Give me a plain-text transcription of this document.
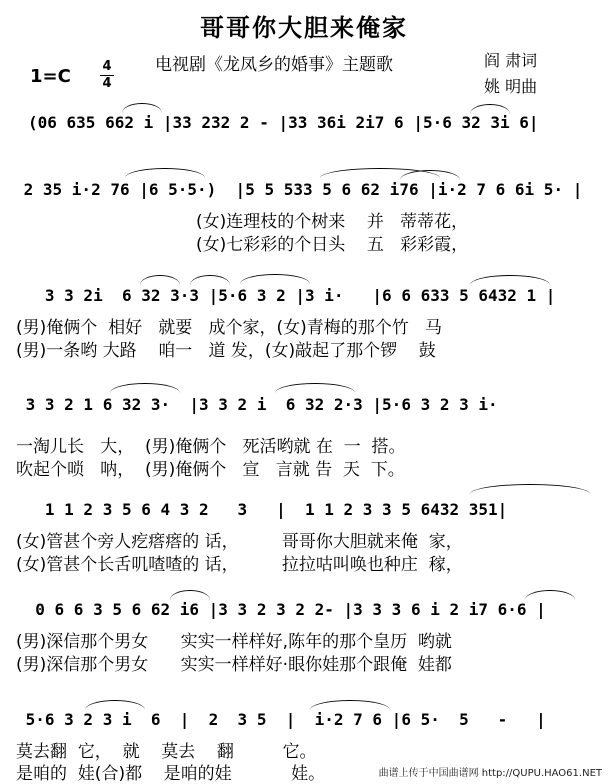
哥哥你大胆来俺家
电视剧《龙凤乡的婚事》主题歌	阎 肃词
姚 明曲
1=C 4
4
(06 635 662 i |33 232 2 - |33 36i 2i7 6 |5·6 32 3i 6|
2 35 i·2 76 |6 5·5·)  |5 5 533 5 6 62 i76 |i·2 7 6 6i 5· |
(女)连理枝的个树来    并   蒂蒂花，
(女)七彩彩的个日头    五   彩彩霞，
3 3 2i  6 32 3·3 |5·6 3 2 |3 i·   |6 6 633 5 6432 1 |
(男)俺俩个  相好   就要   成个家，(女)青梅的那个竹   马
(男)一条哟 大路    咱一   道 发，(女)敲起了那个锣    鼓
3 3 2 1 6 32 3·  |3 3 2 i  6 32 2·3 |5·6 3 2 3 i·
一淘儿长   大，  (男)俺俩个   死活哟就 在  一  搭。
吹起个唢   呐，  (男)俺俩个   宣   言就 告  天  下。
1 1 2 3 5 6 4 3 2   3   |  1 1 2 3 3 5 6432 351|
(女)管甚个旁人疙瘩瘩的 话，        哥哥你大胆就来俺  家，
(女)管甚个长舌叽喳喳的 话，        拉拉咕叫唤也种庄  稼，
0 6 6 3 5 6 62 i6 |3 3 2 3 2 2- |3 3 3 6 i 2 i7 6·6 |
(男)深信那个男女      实实一样样好,陈年的那个皇历  哟就
(男)深信那个男女      实实一样样好·眼你娃那个跟俺  娃都
5·6 3 2 3 i  6  |  2  3 5  |  i·2 7 6 |6 5·  5   -   |
莫去翻  它，  就    莫去    翻         它。
是咱的  娃(合)都    是咱的娃           娃。	曲谱上传于中国曲谱网 http://QUPU.HAO61.NET
